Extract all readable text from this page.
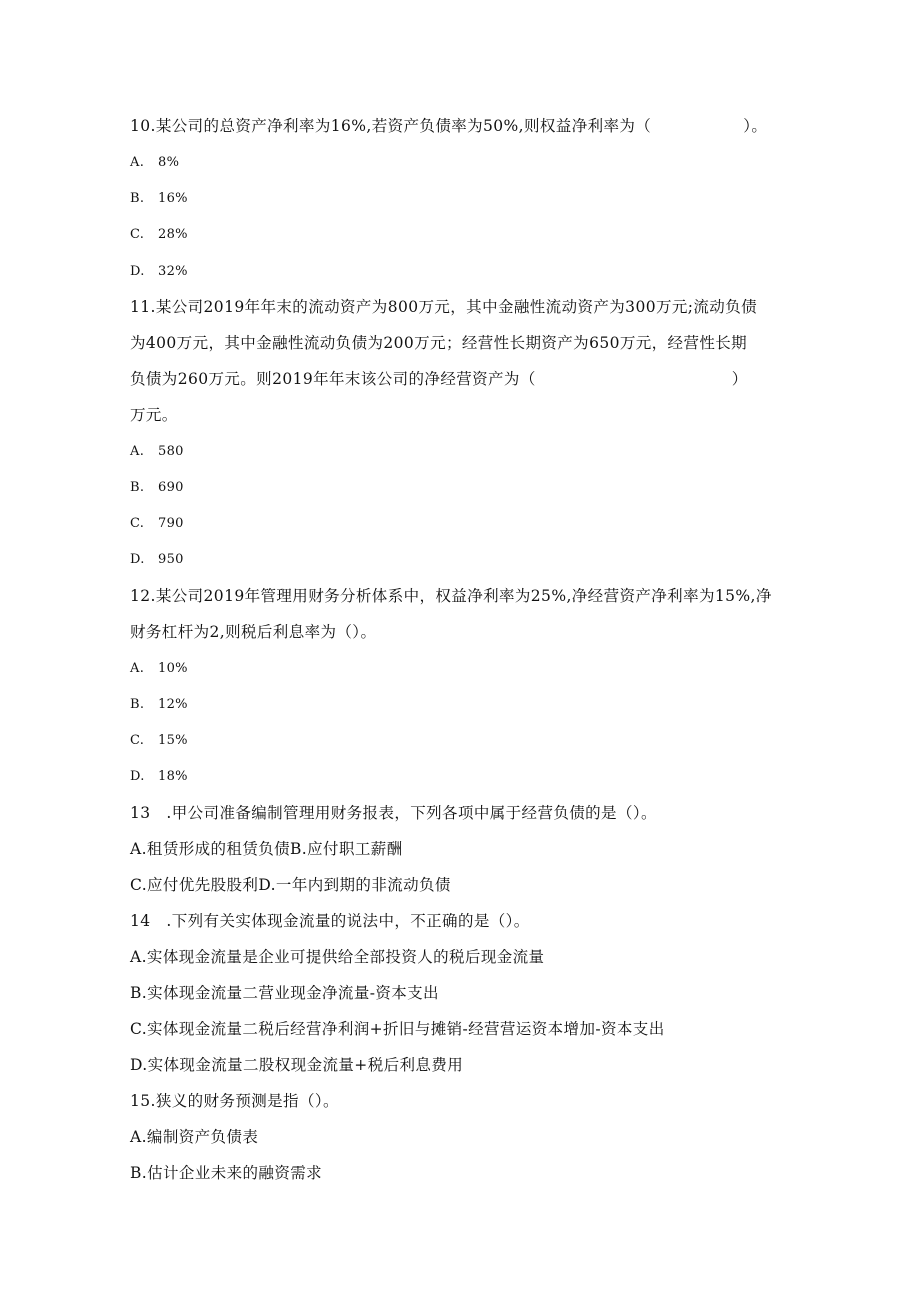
10.某公司的总资产净利率为16%,若资产负债率为50%,则权益净利率为（	）。
A. 8%
B. 16%
C. 28%
D. 32%
11.某公司2019年年末的流动资产为800万元，其中金融性流动资产为300万元;流动负债
为400万元，其中金融性流动负债为200万元；经营性长期资产为650万元，经营性长期
负债为260万元。则2019年年末该公司的净经营资产为（	）
万元。
A. 580
B. 690
C. 790
D. 950
12.某公司2019年管理用财务分析体系中，权益净利率为25%,净经营资产净利率为15%,净
财务杠杆为2,则税后利息率为（）。
A. 10%
B. 12%
C. 15%
D. 18%
13　.甲公司准备编制管理用财务报表，下列各项中属于经营负债的是（）。
A.租赁形成的租赁负债B.应付职工薪酬
C.应付优先股股利D.一年内到期的非流动负债
14　.下列有关实体现金流量的说法中，不正确的是（）。
A.实体现金流量是企业可提供给全部投资人的税后现金流量
B.实体现金流量二营业现金净流量-资本支出
C.实体现金流量二税后经营净利润+折旧与摊销-经营营运资本增加-资本支出
D.实体现金流量二股权现金流量+税后利息费用
15.狭义的财务预测是指（）。
A.编制资产负债表
B.估计企业未来的融资需求
